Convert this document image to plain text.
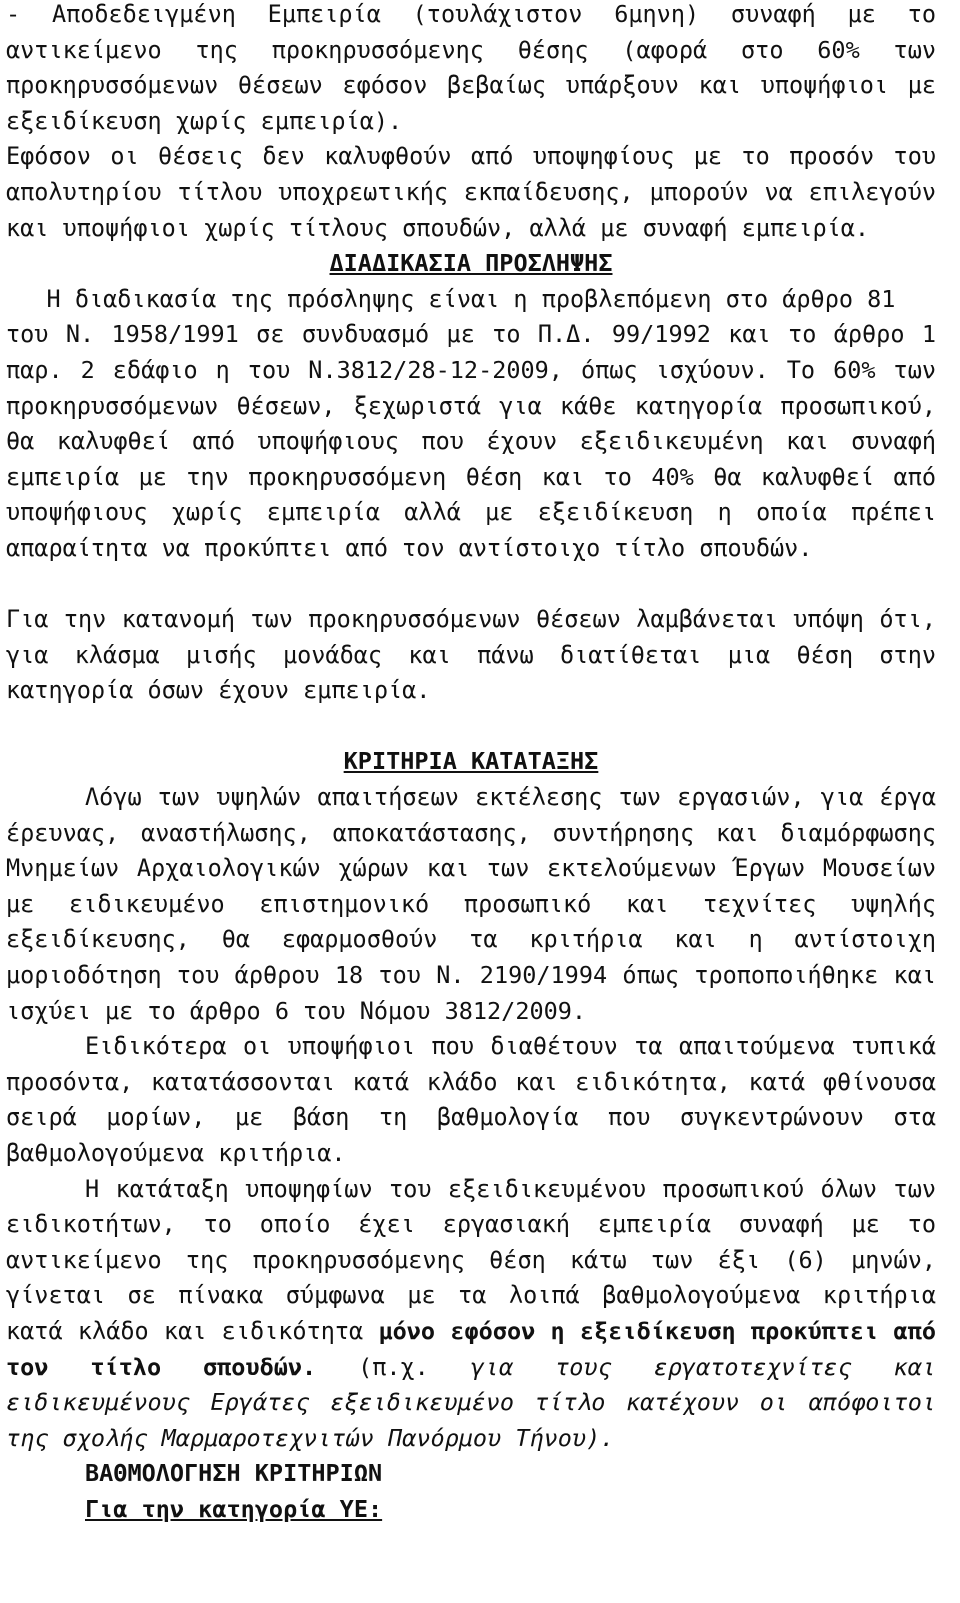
- Αποδεδειγμένη Εμπειρία (τουλάχιστον 6μηνη) συναφή με το αντικείμενο της προκηρυσσόμενης θέσης (αφορά στο 60% των προκηρυσσόμενων θέσεων εφόσον βεβαίως υπάρξουν και υποψήφιοι με εξειδίκευση χωρίς εμπειρία).

Εφόσον οι θέσεις δεν καλυφθούν από υποψηφίους με το προσόν του απολυτηρίου τίτλου υποχρεωτικής εκπαίδευσης, μπορούν να επιλεγούν και υποψήφιοι χωρίς τίτλους σπουδών, αλλά με συναφή εμπειρία.

ΔΙΑΔΙΚΑΣΙΑ ΠΡΟΣΛΗΨΗΣ

Η διαδικασία της πρόσληψης είναι η προβλεπόμενη στο άρθρο 81

του Ν. 1958/1991 σε συνδυασμό με το Π.Δ. 99/1992 και το άρθρο 1 παρ. 2 εδάφιο η του Ν.3812/28-12-2009, όπως ισχύουν. Το 60% των προκηρυσσόμενων θέσεων, ξεχωριστά για κάθε κατηγορία προσωπικού, θα καλυφθεί από υποψήφιους που έχουν εξειδικευμένη και συναφή εμπειρία με την προκηρυσσόμενη θέση και το 40% θα καλυφθεί από υποψήφιους χωρίς εμπειρία αλλά με εξειδίκευση η οποία πρέπει απαραίτητα να προκύπτει από τον αντίστοιχο τίτλο σπουδών.

Για την κατανομή των προκηρυσσόμενων θέσεων λαμβάνεται υπόψη ότι, για κλάσμα μισής μονάδας και πάνω διατίθεται μια θέση στην κατηγορία όσων έχουν εμπειρία.

ΚΡΙΤΗΡΙΑ ΚΑΤΑΤΑΞΗΣ

Λόγω των υψηλών απαιτήσεων εκτέλεσης των εργασιών, για έργα έρευνας, αναστήλωσης, αποκατάστασης, συντήρησης και διαμόρφωσης Μνημείων Αρχαιολογικών χώρων και των εκτελούμενων Έργων Μουσείων με ειδικευμένο επιστημονικό προσωπικό και τεχνίτες υψηλής εξειδίκευσης, θα εφαρμοσθούν τα κριτήρια και η αντίστοιχη μοριοδότηση του άρθρου 18 του Ν. 2190/1994 όπως τροποποιήθηκε και ισχύει με το άρθρο 6 του Νόμου 3812/2009.

Ειδικότερα οι υποψήφιοι που διαθέτουν τα απαιτούμενα τυπικά προσόντα, κατατάσσονται κατά κλάδο και ειδικότητα, κατά φθίνουσα σειρά μορίων, με βάση τη βαθμολογία που συγκεντρώνουν στα βαθμολογούμενα κριτήρια.

Η κατάταξη υποψηφίων του εξειδικευμένου προσωπικού όλων των ειδικοτήτων, το οποίο έχει εργασιακή εμπειρία συναφή με το αντικείμενο της προκηρυσσόμενης θέση κάτω των έξι (6) μηνών, γίνεται σε πίνακα σύμφωνα με τα λοιπά βαθμολογούμενα κριτήρια κατά κλάδο και ειδικότητα μόνο εφόσον η εξειδίκευση προκύπτει από τον τίτλο σπουδών. (π.χ. για τους εργατοτεχνίτες και ειδικευμένους Εργάτες εξειδικευμένο τίτλο κατέχουν οι απόφοιτοι της σχολής Μαρμαροτεχνιτών Πανόρμου Τήνου).

ΒΑΘΜΟΛΟΓΗΣΗ ΚΡΙΤΗΡΙΩΝ

Για την κατηγορία ΥΕ:
